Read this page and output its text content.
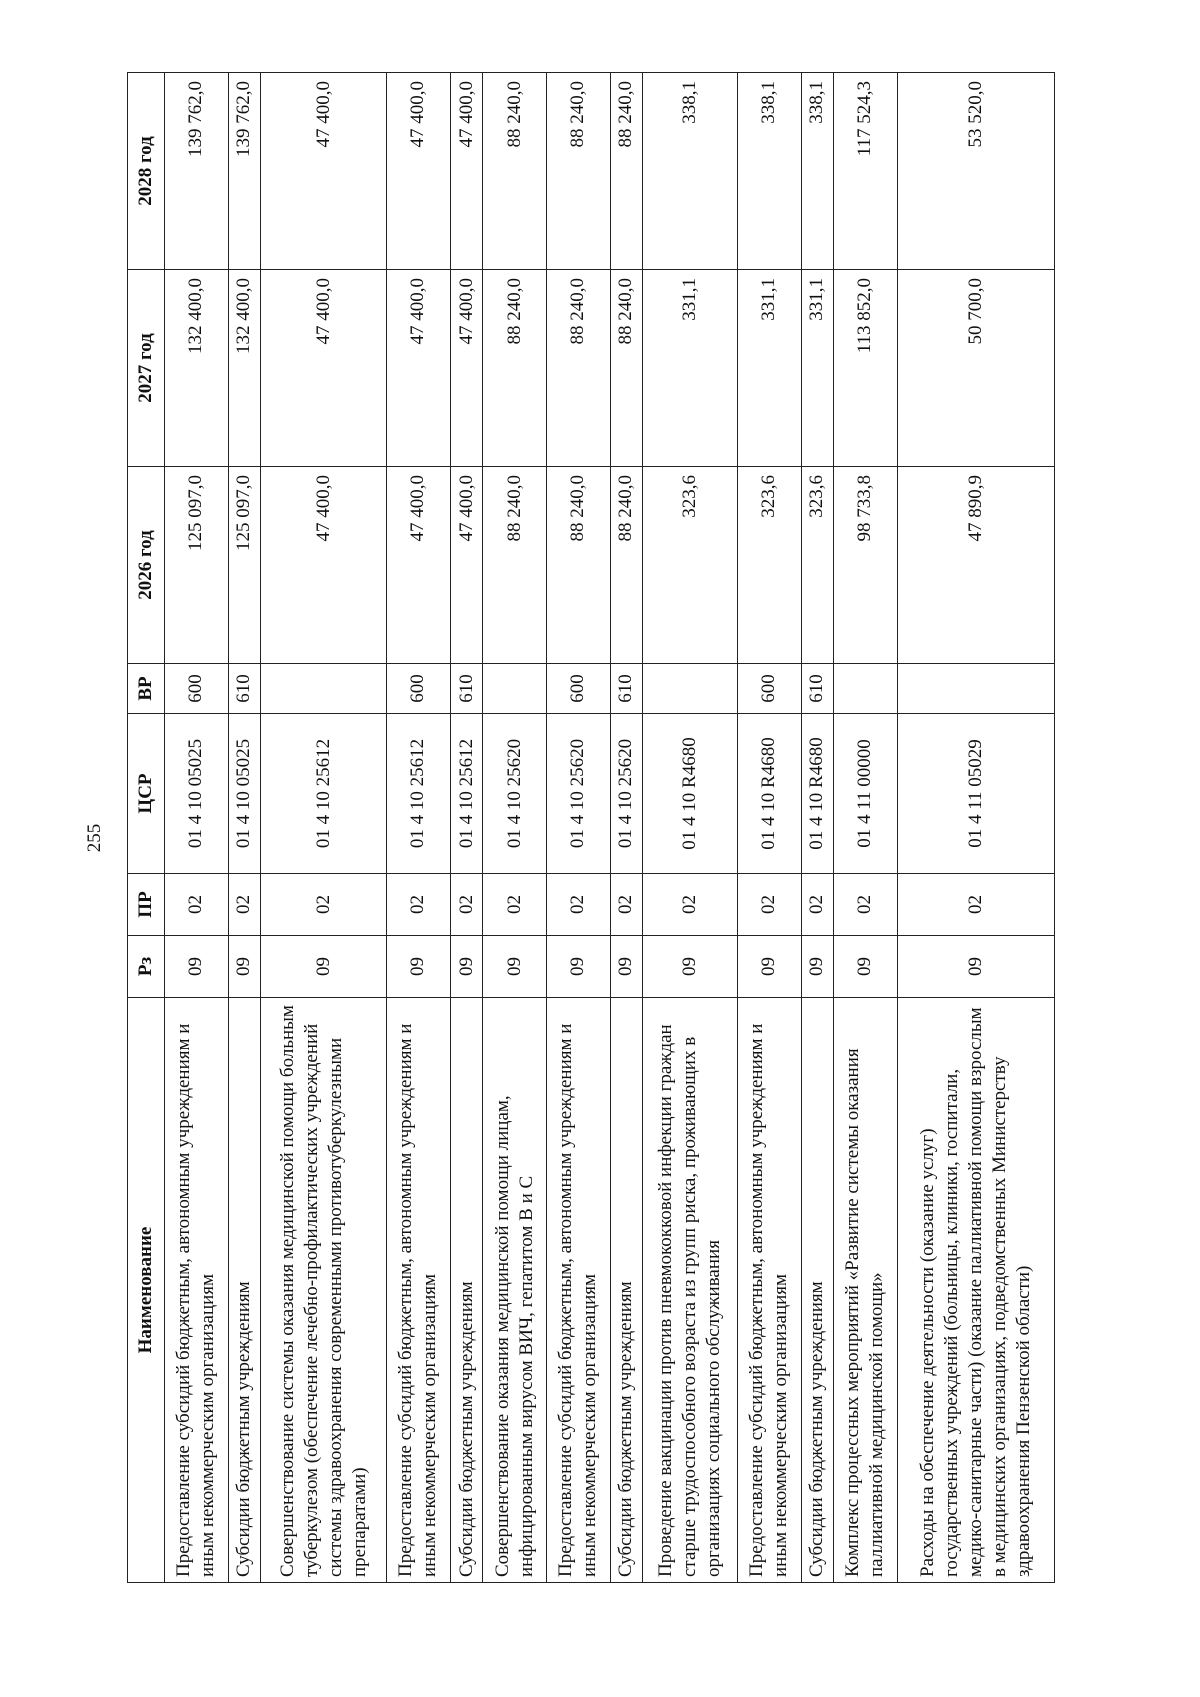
255
Наименование	Рз	ПР	ЦСР	ВР	2026 год	2027 год	2028 год
Предоставление субсидий бюджетным, автономным учреждениям и иным некоммерческим организациям	09	02	01 4 10 05025	600	125 097,0	132 400,0	139 762,0
Субсидии бюджетным учреждениям	09	02	01 4 10 05025	610	125 097,0	132 400,0	139 762,0
Совершенствование системы оказания медицинской помощи больным туберкулезом (обеспечение лечебно-профилактических учреждений системы здравоохранения современными противотуберкулезными препаратами)	09	02	01 4 10 25612		47 400,0	47 400,0	47 400,0
Предоставление субсидий бюджетным, автономным учреждениям и иным некоммерческим организациям	09	02	01 4 10 25612	600	47 400,0	47 400,0	47 400,0
Субсидии бюджетным учреждениям	09	02	01 4 10 25612	610	47 400,0	47 400,0	47 400,0
Совершенствование оказания медицинской помощи лицам, инфицированным вирусом ВИЧ, гепатитом В и С	09	02	01 4 10 25620		88 240,0	88 240,0	88 240,0
Предоставление субсидий бюджетным, автономным учреждениям и иным некоммерческим организациям	09	02	01 4 10 25620	600	88 240,0	88 240,0	88 240,0
Субсидии бюджетным учреждениям	09	02	01 4 10 25620	610	88 240,0	88 240,0	88 240,0
Проведение вакцинации против пневмококковой инфекции граждан старше трудоспособного возраста из групп риска, проживающих в организациях социального обслуживания	09	02	01 4 10 R4680		323,6	331,1	338,1
Предоставление субсидий бюджетным, автономным учреждениям и иным некоммерческим организациям	09	02	01 4 10 R4680	600	323,6	331,1	338,1
Субсидии бюджетным учреждениям	09	02	01 4 10 R4680	610	323,6	331,1	338,1
Комплекс процессных мероприятий «Развитие системы оказания паллиативной медицинской помощи»	09	02	01 4 11 00000		98 733,8	113 852,0	117 524,3
Расходы на обеспечение деятельности (оказание услуг) государственных учреждений (больницы, клиники, госпитали, медико-санитарные части) (оказание паллиативной помощи взрослым в медицинских организациях, подведомственных Министерству здравоохранения Пензенской области)	09	02	01 4 11 05029		47 890,9	50 700,0	53 520,0
